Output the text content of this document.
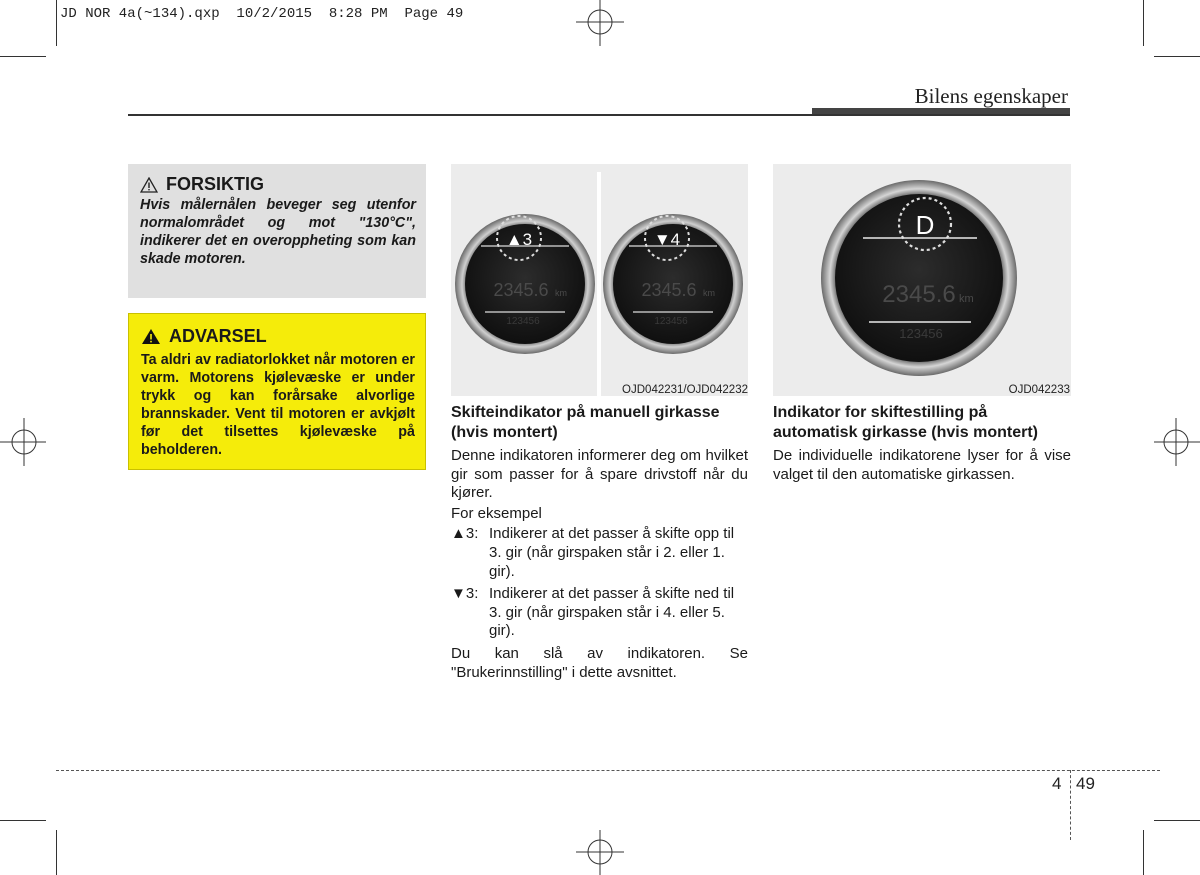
JD NOR 4a(~134).qxp  10/2/2015  8:28 PM  Page 49
Bilens egenskaper
FORSIKTIG
Hvis målernålen beveger seg utenfor normalområdet og mot "130°C", indikerer det en overoppheting som kan skade motoren.
ADVARSEL
Ta aldri av radiatorlokket når motoren er varm. Motorens kjølevæske er under trykk og kan forårsake alvorlige brannskader. Vent til motoren er avkjølt før det tilsettes kjølevæske på beholderen.
▲3
2345.6 km
123456
▼4
2345.6 km
123456
OJD042231/OJD042232
D
2345.6 km
123456
OJD042233
Skifteindikator på manuell girkasse (hvis montert)
Denne indikatoren informerer deg om hvilket gir som passer for å spare drivstoff når du kjører.
For eksempel
▲3: Indikerer at det passer å skifte opp til 3. gir (når girspaken står i 2. eller 1. gir).
▼3: Indikerer at det passer å skifte ned til 3. gir (når girspaken står i 4. eller 5. gir).
Du kan slå av indikatoren. Se "Brukerinnstilling" i dette avsnittet.
Indikator for skiftestilling på automatisk girkasse (hvis montert)
De individuelle indikatorene lyser for å vise valget til den automatiske girkassen.
4 49
